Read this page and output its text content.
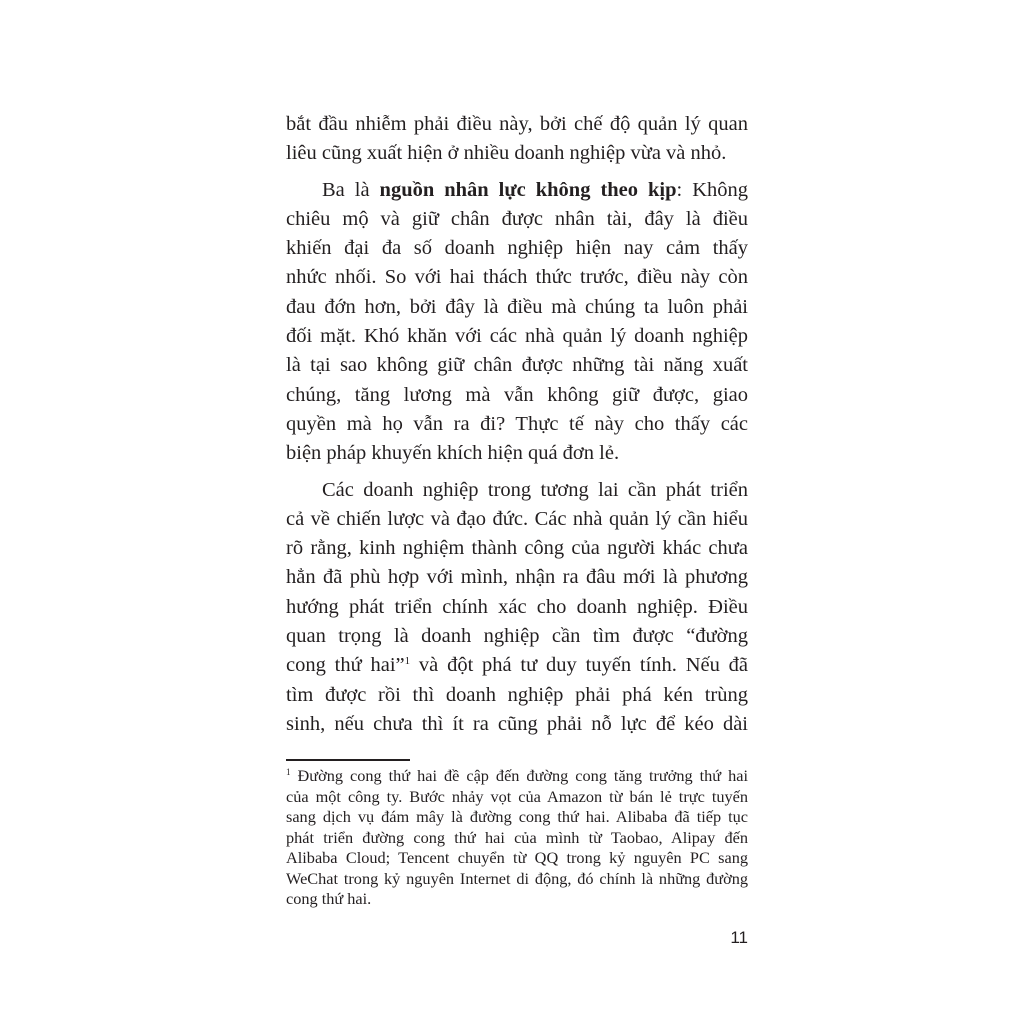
bắt đầu nhiễm phải điều này, bởi chế độ quản lý quan
liêu cũng xuất hiện ở nhiều doanh nghiệp vừa và nhỏ.
Ba là nguồn nhân lực không theo kịp: Không
chiêu mộ và giữ chân được nhân tài, đây là điều
khiến đại đa số doanh nghiệp hiện nay cảm thấy
nhức nhối. So với hai thách thức trước, điều này còn
đau đớn hơn, bởi đây là điều mà chúng ta luôn phải
đối mặt. Khó khăn với các nhà quản lý doanh nghiệp
là tại sao không giữ chân được những tài năng xuất
chúng, tăng lương mà vẫn không giữ được, giao
quyền mà họ vẫn ra đi? Thực tế này cho thấy các
biện pháp khuyến khích hiện quá đơn lẻ.
Các doanh nghiệp trong tương lai cần phát triển
cả về chiến lược và đạo đức. Các nhà quản lý cần hiểu
rõ rằng, kinh nghiệm thành công của người khác chưa
hẳn đã phù hợp với mình, nhận ra đâu mới là phương
hướng phát triển chính xác cho doanh nghiệp. Điều
quan trọng là doanh nghiệp cần tìm được “đường
cong thứ hai”$^1$ và đột phá tư duy tuyến tính. Nếu đã
tìm được rồi thì doanh nghiệp phải phá kén trùng
sinh, nếu chưa thì ít ra cũng phải nỗ lực để kéo dài
$^1$ Đường cong thứ hai đề cập đến đường cong tăng trưởng thứ hai
của một công ty. Bước nhảy vọt của Amazon từ bán lẻ trực tuyến
sang dịch vụ đám mây là đường cong thứ hai. Alibaba đã tiếp tục
phát triển đường cong thứ hai của mình từ Taobao, Alipay đến
Alibaba Cloud; Tencent chuyển từ QQ trong kỷ nguyên PC sang
WeChat trong kỷ nguyên Internet di động, đó chính là những đường
cong thứ hai.
11
